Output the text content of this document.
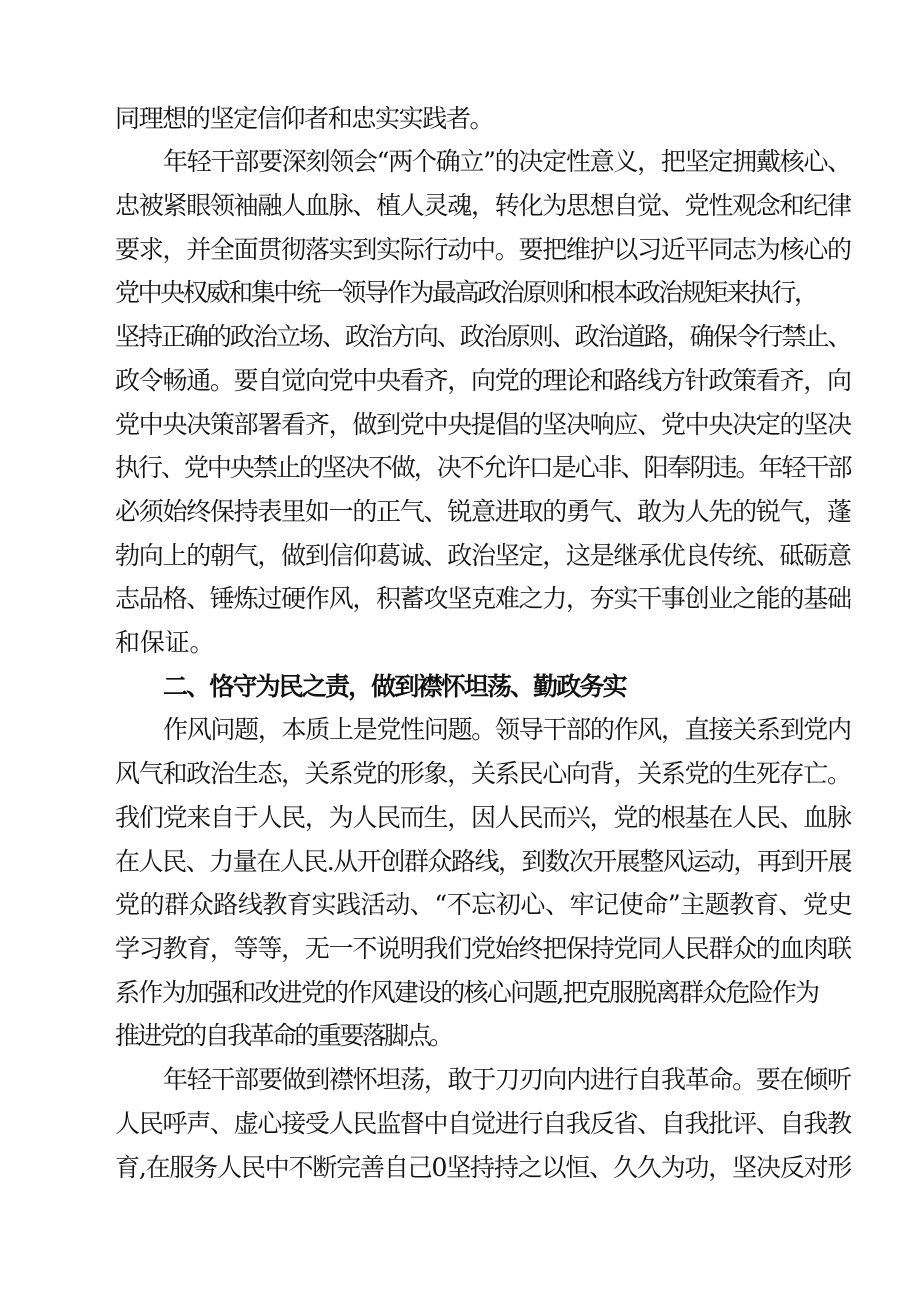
同理想的坚定信仰者和忠实实践者。
年轻干部要深刻领会“两个确立”的决定性意义，把坚定拥戴核心、
忠被紧眼领袖融人血脉、植人灵魂，转化为思想自觉、党性观念和纪律
要求，并全面贯彻落实到实际行动中。要把维护以习近平同志为核心的
党中央权威和集中统一领导作为最高政治原则和根本政治规矩来执行，
坚持正确的政治立场、政治方向、政治原则、政治道路，确保令行禁止、
政令畅通。要自觉向党中央看齐，向党的理论和路线方针政策看齐，向
党中央决策部署看齐，做到党中央提倡的坚决响应、党中央决定的坚决
执行、党中央禁止的坚决不做，决不允许口是心非、阳奉阴违。年轻干部
必须始终保持表里如一的正气、锐意进取的勇气、敢为人先的锐气，蓬
勃向上的朝气，做到信仰葛诚、政治坚定，这是继承优良传统、砥砺意
志品格、锤炼过硬作风，积蓄攻坚克难之力，夯实干事创业之能的基础
和保证。
二、恪守为民之责，做到襟怀坦荡、勤政务实
作风问题，本质上是党性问题。领导干部的作风，直接关系到党内
风气和政治生态，关系党的形象，关系民心向背，关系党的生死存亡。
我们党来自于人民，为人民而生，因人民而兴，党的根基在人民、血脉
在人民、力量在人民.从开创群众路线，到数次开展整风运动，再到开展
党的群众路线教育实践活动、“不忘初心、牢记使命”主题教育、党史
学习教育，等等，无一不说明我们党始终把保持党同人民群众的血肉联
系作为加强和改进党的作风建设的核心问题,把克服脱离群众危险作为
推进党的自我革命的重要落脚点。
年轻干部要做到襟怀坦荡，敢于刀刃向内进行自我革命。要在倾听
人民呼声、虚心接受人民监督中自觉进行自我反省、自我批评、自我教
育,在服务人民中不断完善自己0坚持持之以恒、久久为功，坚决反对形
